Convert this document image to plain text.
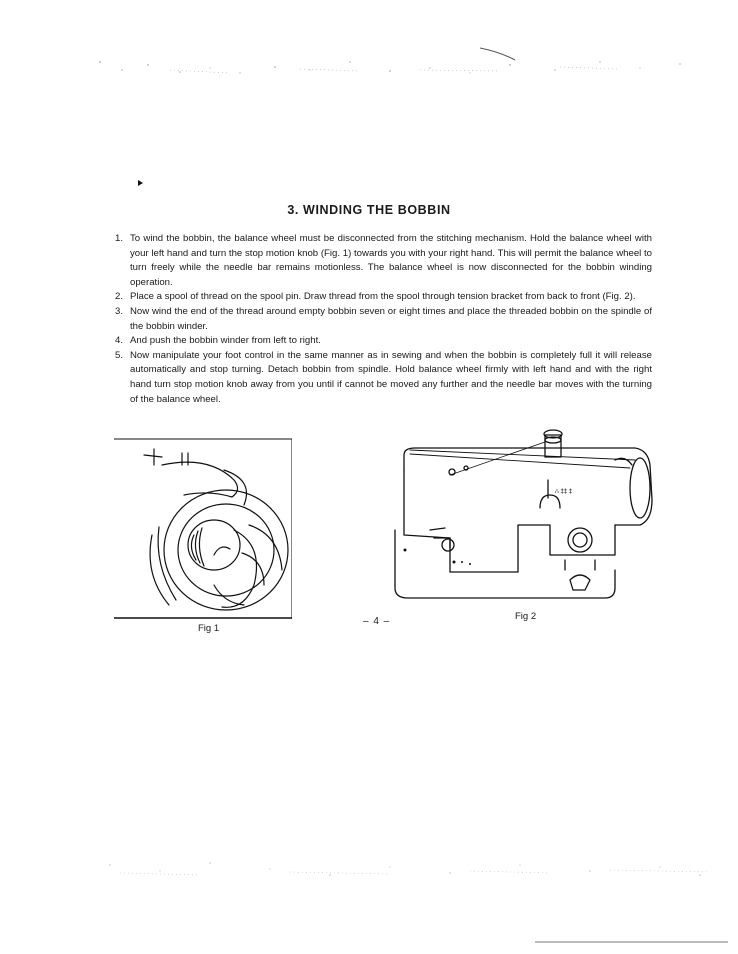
3. WINDING THE BOBBIN
1. To wind the bobbin, the balance wheel must be disconnected from the stitching mechanism. Hold the balance wheel with your left hand and turn the stop motion knob (Fig. 1) towards you with your right hand. This will permit the balance wheel to turn freely while the needle bar remains motionless. The balance wheel is now disconnected for the bobbin winding operation.
2. Place a spool of thread on the spool pin. Draw thread from the spool through tension bracket from back to front (Fig. 2).
3. Now wind the end of the thread around empty bobbin seven or eight times and place the threaded bobbin on the spindle of the bobbin winder.
4. And push the bobbin winder from left to right.
5. Now manipulate your foot control in the same manner as in sewing and when the bobbin is completely full it will release automatically and stop turning. Detach bobbin from spindle. Hold balance wheel firmly with left hand and with the right hand turn stop motion knob away from you until if cannot be moved any further and the needle bar moves with the turning of the balance wheel.
∴ ‡‡ ‡
Fig 1
– 4 –	Fig 2
